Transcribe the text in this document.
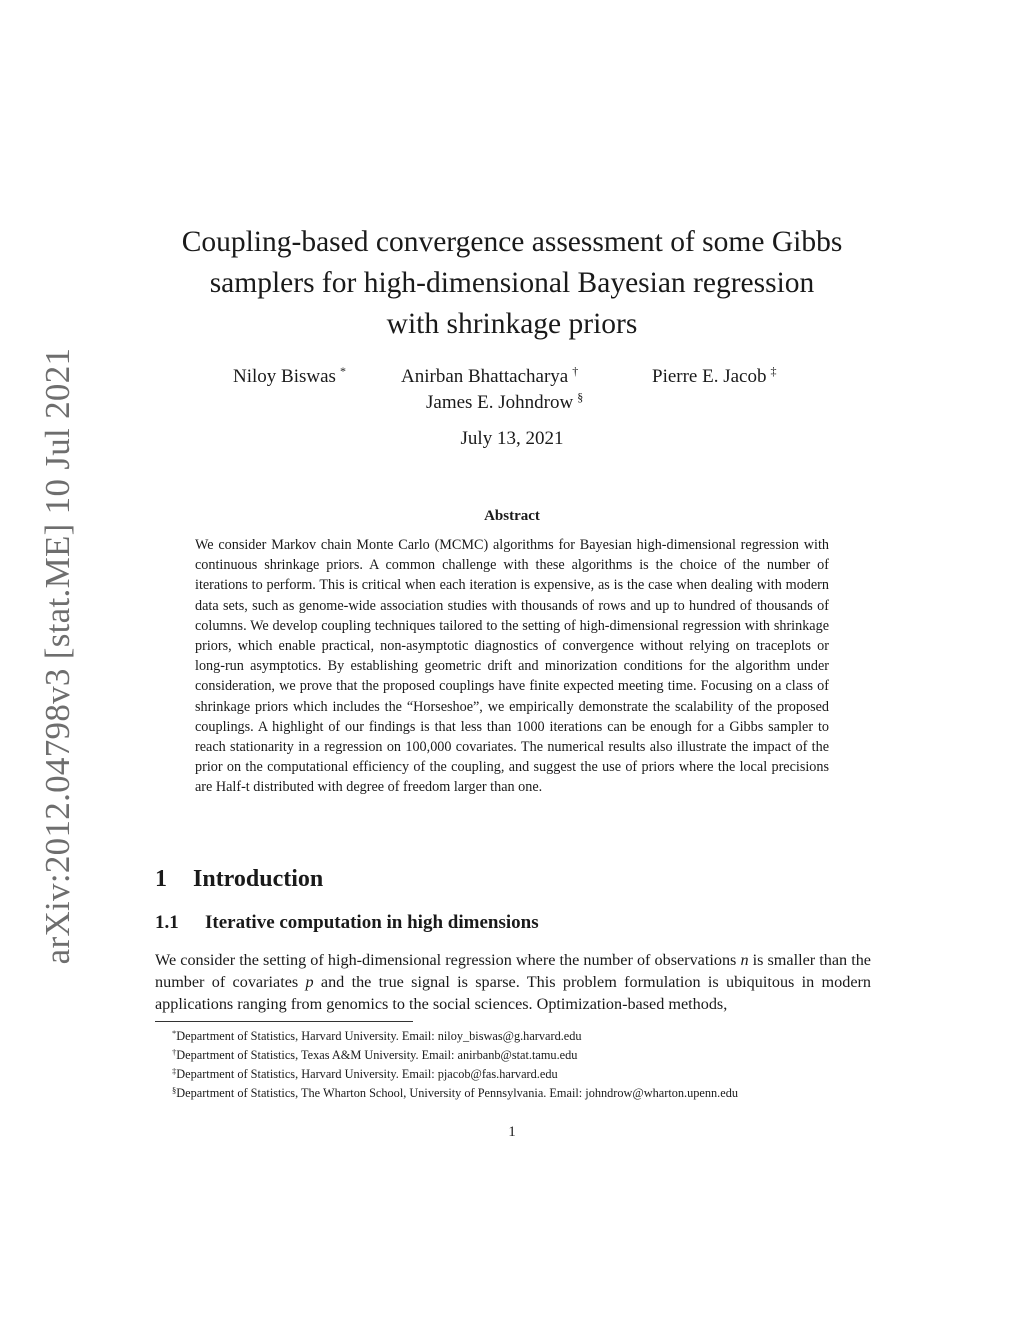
arXiv:2012.04798v3 [stat.ME] 10 Jul 2021
Coupling-based convergence assessment of some Gibbs samplers for high-dimensional Bayesian regression with shrinkage priors
Niloy Biswas *	Anirban Bhattacharya †	Pierre E. Jacob ‡
James E. Johndrow §
July 13, 2021
Abstract

We consider Markov chain Monte Carlo (MCMC) algorithms for Bayesian high-dimensional regression with continuous shrinkage priors. A common challenge with these algorithms is the choice of the number of iterations to perform. This is critical when each iteration is expensive, as is the case when dealing with modern data sets, such as genome-wide association studies with thousands of rows and up to hundred of thousands of columns. We develop coupling techniques tailored to the setting of high-dimensional regression with shrinkage priors, which enable practical, non-asymptotic diagnostics of convergence without relying on traceplots or long-run asymptotics. By establishing geometric drift and minorization conditions for the algorithm under consideration, we prove that the proposed couplings have finite expected meeting time. Focusing on a class of shrinkage priors which includes the “Horseshoe”, we empirically demonstrate the scalability of the proposed couplings. A highlight of our findings is that less than 1000 iterations can be enough for a Gibbs sampler to reach stationarity in a regression on 100,000 covariates. The numerical results also illustrate the impact of the prior on the computational efficiency of the coupling, and suggest the use of priors where the local precisions are Half-t distributed with degree of freedom larger than one.

1 Introduction
1.1 Iterative computation in high dimensions

We consider the setting of high-dimensional regression where the number of observations n is smaller than the number of covariates p and the true signal is sparse. This problem formulation is ubiquitous in modern applications ranging from genomics to the social sciences. Optimization-based methods,

*Department of Statistics, Harvard University. Email: niloy_biswas@g.harvard.edu
†Department of Statistics, Texas A&M University. Email: anirbanb@stat.tamu.edu
‡Department of Statistics, Harvard University. Email: pjacob@fas.harvard.edu
§Department of Statistics, The Wharton School, University of Pennsylvania. Email: johndrow@wharton.upenn.edu
1
